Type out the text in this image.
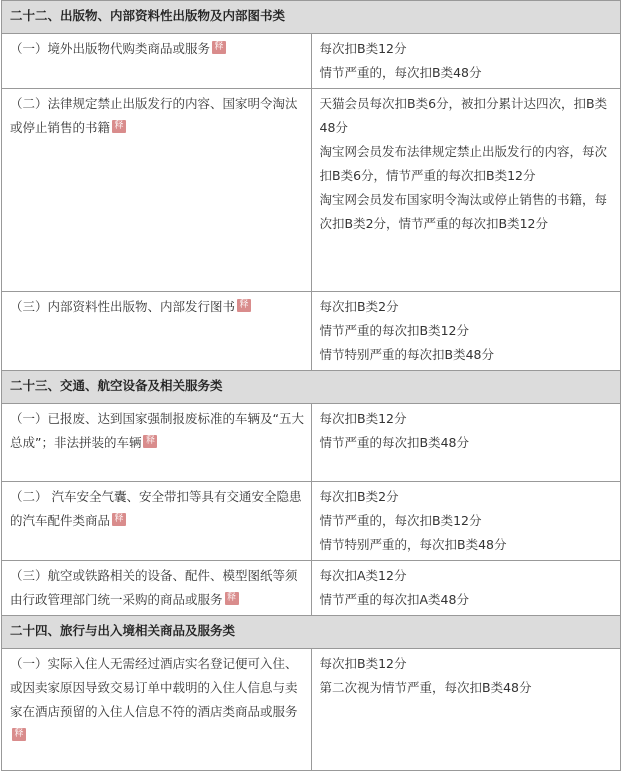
二十二、出版物、内部资料性出版物及内部图书类	
（一）境外出版物代购类商品或服务 释	每次扣B类12分
情节严重的，每次扣B类48分

（二）法律规定禁止出版发行的内容、国家明令淘汰或停止销售的书籍 释	天猫会员每次扣B类6分，被扣分累计达四次，扣B类48分
淘宝网会员发布法律规定禁止出版发行的内容，每次扣B类6分，情节严重的每次扣B类12分
淘宝网会员发布国家明令淘汰或停止销售的书籍，每次扣B类2分，情节严重的每次扣B类12分

（三）内部资料性出版物、内部发行图书 释	每次扣B类2分
情节严重的每次扣B类12分
情节特别严重的每次扣B类48分

二十三、交通、航空设备及相关服务类	
（一）已报废、达到国家强制报废标准的车辆及“五大总成”；非法拼装的车辆 释	每次扣B类12分
情节严重的每次扣B类48分

（二） 汽车安全气囊、安全带扣等具有交通安全隐患的汽车配件类商品 释	每次扣B类2分
情节严重的，每次扣B类12分
情节特别严重的，每次扣B类48分

（三）航空或铁路相关的设备、配件、模型图纸等须由行政管理部门统一采购的商品或服务 释	每次扣A类12分
情节严重的每次扣A类48分

二十四、旅行与出入境相关商品及服务类	
（一）实际入住人无需经过酒店实名登记便可入住、或因卖家原因导致交易订单中载明的入住人信息与卖家在酒店预留的入住人信息不符的酒店类商品或服务释	每次扣B类12分
第二次视为情节严重，每次扣B类48分
